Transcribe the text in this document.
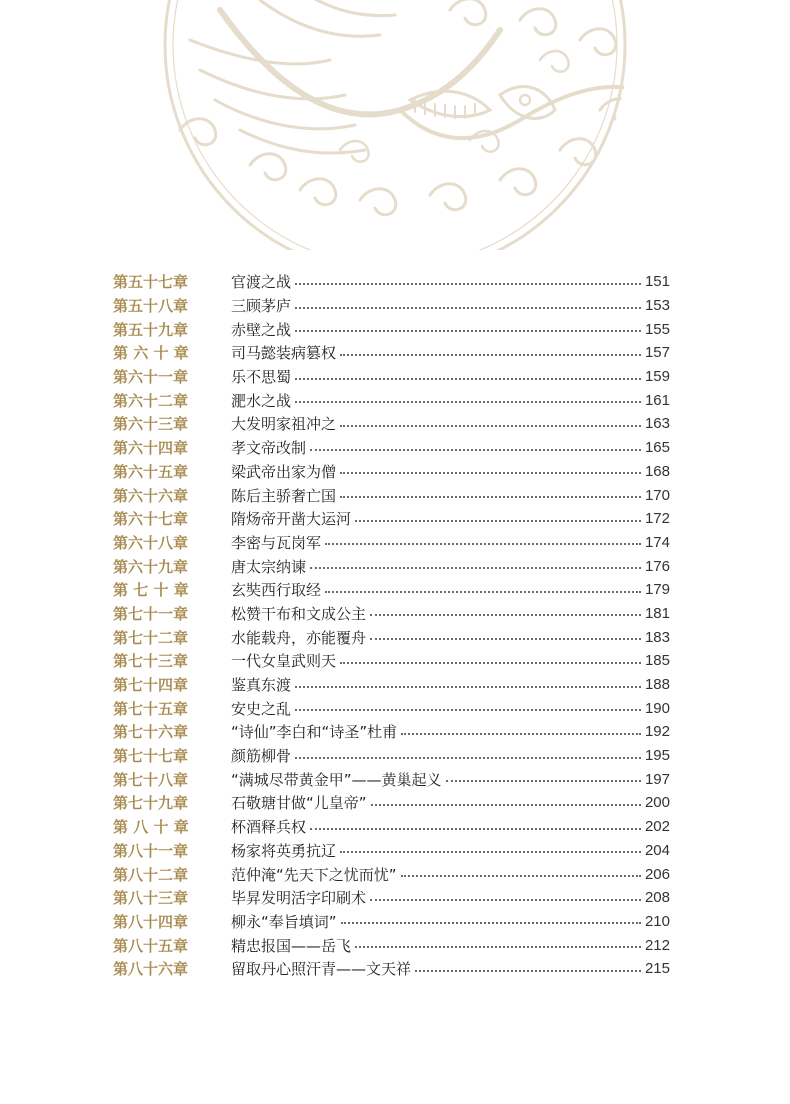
第五十七章	官渡之战	151
第五十八章	三顾茅庐	153
第五十九章	赤壁之战	155
第 六 十 章	司马懿装病篡权	157
第六十一章	乐不思蜀	159
第六十二章	淝水之战	161
第六十三章	大发明家祖冲之	163
第六十四章	孝文帝改制	165
第六十五章	梁武帝出家为僧	168
第六十六章	陈后主骄奢亡国	170
第六十七章	隋炀帝开凿大运河	172
第六十八章	李密与瓦岗军	174
第六十九章	唐太宗纳谏	176
第 七 十 章	玄奘西行取经	179
第七十一章	松赞干布和文成公主	181
第七十二章	水能载舟，亦能覆舟	183
第七十三章	一代女皇武则天	185
第七十四章	鉴真东渡	188
第七十五章	安史之乱	190
第七十六章	“诗仙”李白和“诗圣”杜甫	192
第七十七章	颜筋柳骨	195
第七十八章	“满城尽带黄金甲”——黄巢起义	197
第七十九章	石敬瑭甘做“儿皇帝”	200
第 八 十 章	杯酒释兵权	202
第八十一章	杨家将英勇抗辽	204
第八十二章	范仲淹“先天下之忧而忧”	206
第八十三章	毕昇发明活字印刷术	208
第八十四章	柳永“奉旨填词”	210
第八十五章	精忠报国——岳飞	212
第八十六章	留取丹心照汗青——文天祥	215
